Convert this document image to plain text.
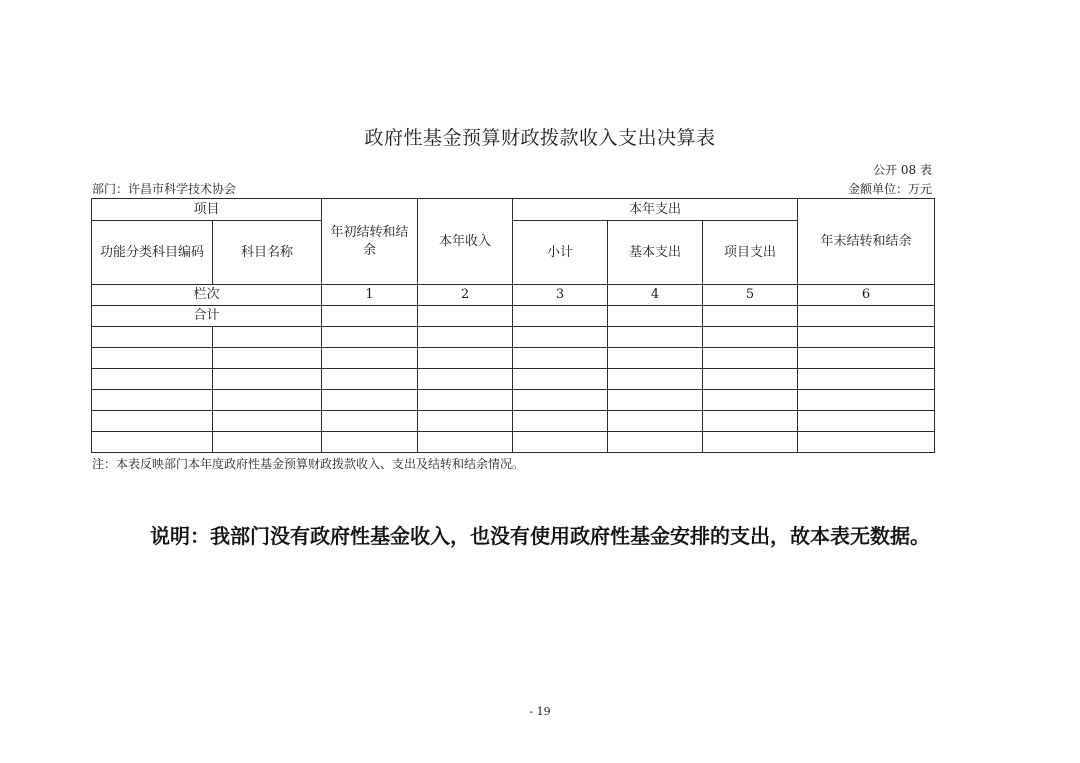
政府性基金预算财政拨款收入支出决算表
公开 08 表
部门：许昌市科学技术协会	金额单位：万元
项目		年初结转和结余	本年收入	本年支出			年末结转和结余
功能分类科目编码	科目名称			小计	基本支出	项目支出	
栏次		1	2	3	4	5	6
合计							

注：本表反映部门本年度政府性基金预算财政拨款收入、支出及结转和结余情况。
说明：我部门没有政府性基金收入，也没有使用政府性基金安排的支出，故本表无数据。
- 19
